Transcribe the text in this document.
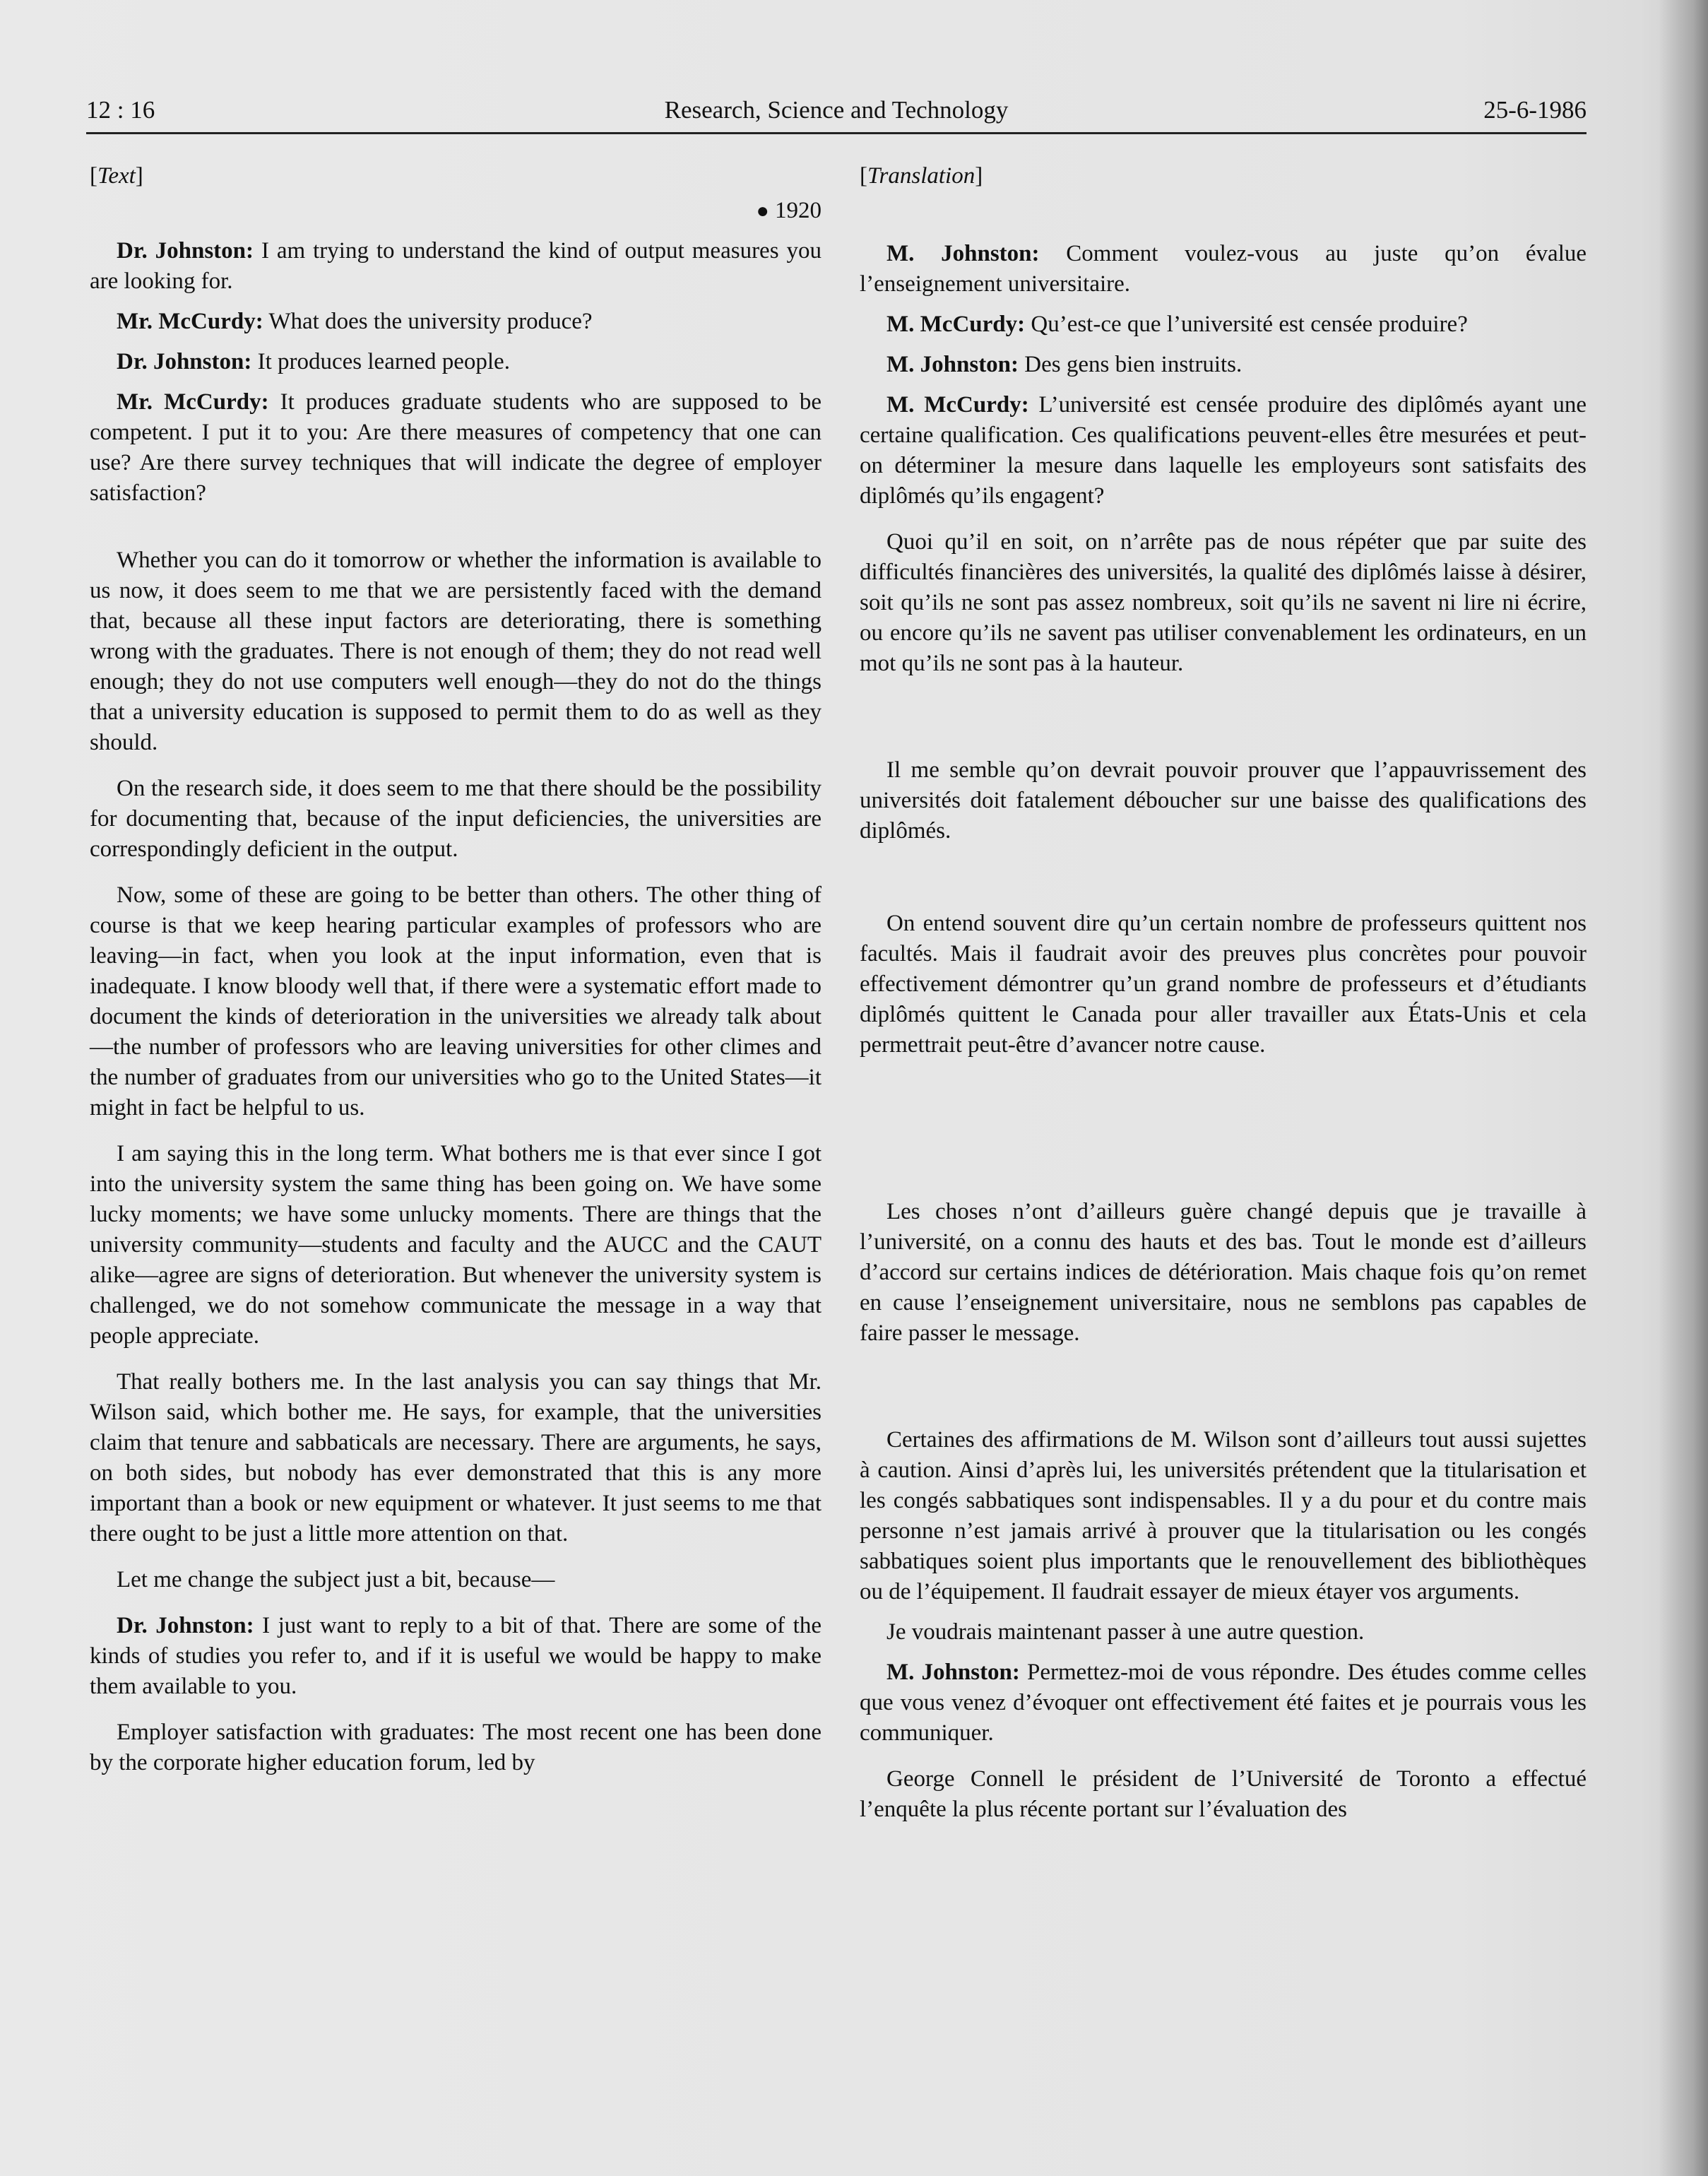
12 : 16	Research, Science and Technology	25-6-1986

[Text]

● 1920

Dr. Johnston: I am trying to understand the kind of output measures you are looking for.

Mr. McCurdy: What does the university produce?

Dr. Johnston: It produces learned people.

Mr. McCurdy: It produces graduate students who are supposed to be competent. I put it to you: Are there measures of competency that one can use? Are there survey techniques that will indicate the degree of employer satisfaction?

Whether you can do it tomorrow or whether the information is available to us now, it does seem to me that we are persistently faced with the demand that, because all these input factors are deteriorating, there is something wrong with the graduates. There is not enough of them; they do not read well enough; they do not use computers well enough—they do not do the things that a university education is supposed to permit them to do as well as they should.

On the research side, it does seem to me that there should be the possibility for documenting that, because of the input deficiencies, the universities are correspondingly deficient in the output.

Now, some of these are going to be better than others. The other thing of course is that we keep hearing particular examples of professors who are leaving—in fact, when you look at the input information, even that is inadequate. I know bloody well that, if there were a systematic effort made to document the kinds of deterioration in the universities we already talk about—the number of professors who are leaving universities for other climes and the number of graduates from our universities who go to the United States—it might in fact be helpful to us.

I am saying this in the long term. What bothers me is that ever since I got into the university system the same thing has been going on. We have some lucky moments; we have some unlucky moments. There are things that the university community—students and faculty and the AUCC and the CAUT alike—agree are signs of deterioration. But whenever the university system is challenged, we do not somehow communicate the message in a way that people appreciate.

That really bothers me. In the last analysis you can say things that Mr. Wilson said, which bother me. He says, for example, that the universities claim that tenure and sabbaticals are necessary. There are arguments, he says, on both sides, but nobody has ever demonstrated that this is any more important than a book or new equipment or whatever. It just seems to me that there ought to be just a little more attention on that.

Let me change the subject just a bit, because—

Dr. Johnston: I just want to reply to a bit of that. There are some of the kinds of studies you refer to, and if it is useful we would be happy to make them available to you.

Employer satisfaction with graduates: The most recent one has been done by the corporate higher education forum, led by

[Translation]

M. Johnston: Comment voulez-vous au juste qu’on évalue l’enseignement universitaire.

M. McCurdy: Qu’est-ce que l’université est censée produire?

M. Johnston: Des gens bien instruits.

M. McCurdy: L’université est censée produire des diplômés ayant une certaine qualification. Ces qualifications peuvent-elles être mesurées et peut-on déterminer la mesure dans laquelle les employeurs sont satisfaits des diplômés qu’ils engagent?

Quoi qu’il en soit, on n’arrête pas de nous répéter que par suite des difficultés financières des universités, la qualité des diplômés laisse à désirer, soit qu’ils ne sont pas assez nombreux, soit qu’ils ne savent ni lire ni écrire, ou encore qu’ils ne savent pas utiliser convenablement les ordinateurs, en un mot qu’ils ne sont pas à la hauteur.

Il me semble qu’on devrait pouvoir prouver que l’appauvrissement des universités doit fatalement déboucher sur une baisse des qualifications des diplômés.

On entend souvent dire qu’un certain nombre de professeurs quittent nos facultés. Mais il faudrait avoir des preuves plus concrètes pour pouvoir effectivement démontrer qu’un grand nombre de professeurs et d’étudiants diplômés quittent le Canada pour aller travailler aux États-Unis et cela permettrait peut-être d’avancer notre cause.

Les choses n’ont d’ailleurs guère changé depuis que je travaille à l’université, on a connu des hauts et des bas. Tout le monde est d’ailleurs d’accord sur certains indices de détérioration. Mais chaque fois qu’on remet en cause l’enseignement universitaire, nous ne semblons pas capables de faire passer le message.

Certaines des affirmations de M. Wilson sont d’ailleurs tout aussi sujettes à caution. Ainsi d’après lui, les universités prétendent que la titularisation et les congés sabbatiques sont indispensables. Il y a du pour et du contre mais personne n’est jamais arrivé à prouver que la titularisation ou les congés sabbatiques soient plus importants que le renouvellement des bibliothèques ou de l’équipement. Il faudrait essayer de mieux étayer vos arguments.

Je voudrais maintenant passer à une autre question.

M. Johnston: Permettez-moi de vous répondre. Des études comme celles que vous venez d’évoquer ont effectivement été faites et je pourrais vous les communiquer.

George Connell le président de l’Université de Toronto a effectué l’enquête la plus récente portant sur l’évaluation des
